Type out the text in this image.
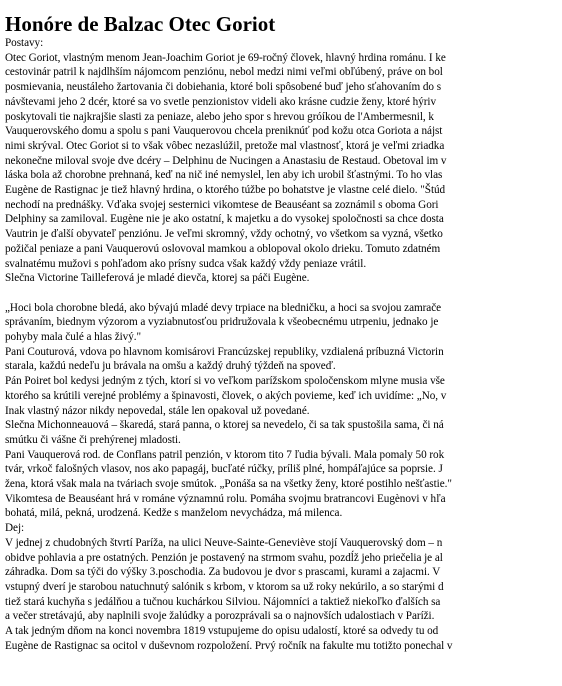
Honóre de Balzac Otec Goriot
Postavy:
Otec Goriot, vlastným menom Jean-Joachim Goriot je 69-ročný človek, hlavný hrdina románu. I ke
cestovinár patril k najdlhším nájomcom penziónu, nebol medzi nimi veľmi obľúbený, práve on bol
posmievania, neustáleho žartovania či dobiehania, ktoré boli spôsobené buď jeho sťahovaním do s
návštevami jeho 2 dcér, ktoré sa vo svetle penzionistov videli ako krásne cudzie ženy, ktoré hýriv
poskytovali tie najkrajšie slasti za peniaze, alebo jeho spor s hrevou gróíkou de l'Ambermesnil, k
Vauquerovského domu a spolu s pani Vauquerovou chcela preniknúť pod kožu otca Goriota a nájst
nimi skrýval. Otec Goriot si to však vôbec nezaslúžil, pretože mal vlastnosť, ktorá je veľmi zriadka
nekonečne miloval svoje dve dcéry – Delphinu de Nucingen a Anastasiu de Restaud. Obetoval im v
láska bola až chorobne prehnaná, keď na nič iné nemyslel, len aby ich urobil šťastnými. To ho vlas
Eugène de Rastignac je tiež hlavný hrdina, o ktorého túžbe po bohatstve je vlastne celé dielo. "Štúd
nechodí na prednášky. Vďaka svojej sesternici vikomtese de Beauséant sa zoznámil s oboma Gori
Delphiny sa zamiloval. Eugène nie je ako ostatní, k majetku a do vysokej spoločnosti sa chce dosta
Vautrin je ďalší obyvateľ penziónu. Je veľmi skromný, vždy ochotný, vo všetkom sa vyzná, všetko
požičal peniaze a pani Vauquerovú oslovoval mamkou a oblopoval okolo drieku. Tomuto zdatném
svalnatému mužovi s pohľadom ako prísny sudca však každý vždy peniaze vrátil.
Slečna Victorine Tailleferová je mladé dievča, ktorej sa páči Eugène.
„Hoci bola chorobne bledá, ako bývajú mladé devy trpiace na bledničku, a hoci sa svojou zamrače
správaním, biednym výzorom a vyziabnutosťou pridružovala k všeobecnému utrpeniu, jednako je
pohyby mala čulé a hlas živý."
Pani Couturová, vdova po hlavnom komisárovi Francúzskej republiky, vzdialená príbuzná Victorin
starala, každú nedeľu ju brávala na omšu a každý druhý týždeň na spoveď.
Pán Poiret bol kedysi jedným z tých, ktorí si vo veľkom parížskom spoločenskom mlyne musia vše
ktorého sa krútili verejné problémy a špinavosti, človek, o akých povieme, keď ich uvidíme: „No, v
Inak vlastný názor nikdy nepovedal, stále len opakoval už povedané.
Slečna Michonneauová – škaredá, stará panna, o ktorej sa nevedelo, či sa tak spustošila sama, či ná
smútku či vášne či prehýrenej mladosti.
Pani Vauquerová rod. de Conflans patril penzión, v ktorom tito 7 ľudia bývali. Mala pomaly 50 rok
tvár, vrkoč falošných vlasov, nos ako papagáj, bucľaté rúčky, príliš plné, hompáľajúce sa poprsie. J
žena, ktorá však mala na tváriach svoje smútok. „Ponáša sa na všetky ženy, ktoré postihlo nešťastie."
Vikomtesa de Beauséant hrá v románe významnú rolu. Pomáha svojmu bratrancovi Eugènovi v hľa
bohatá, milá, pekná, urodzená. Kedže s manželom nevychádza, má milenca.
Dej:
V jednej z chudobných štvrtí Paríža, na ulici Neuve-Sainte-Geneviève stojí Vauquerovský dom – n
obidve pohlavia a pre ostatných. Penzión je postavený na strmom svahu, pozdĺž jeho priečelia je al
záhradka. Dom sa týči do výšky 3.poschodia. Za budovou je dvor s prascami, kurami a zajacmi. V
vstupný dverí je starobou natuchnutý salónik s krbom, v ktorom sa už roky nekúrilo, a so starými d
tiež stará kuchyňa s jedálňou a tučnou kuchárkou Silviou. Nájomníci a taktiež niekoľko ďalších sa
a večer stretávajú, aby naplnili svoje žalúdky a porozprávali sa o najnovších udalostiach v Paríži.
A tak jedným dňom na konci novembra 1819 vstupujeme do opisu udalostí, ktoré sa odvedy tu od
Eugène de Rastignac sa ocitol v duševnom rozpoložení. Prvý ročník na fakulte mu totižto ponechal v
